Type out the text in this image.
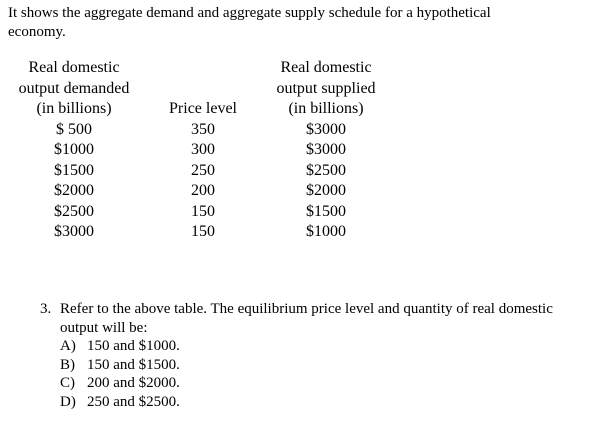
It shows the aggregate demand and aggregate supply schedule for a hypothetical economy.
Real domestic
output demanded
(in billions)
$ 500
$1000
$1500
$2000
$2500
$3000
Price level
350
300
250
200
150
150
Real domestic
output supplied
(in billions)
$3000
$3000
$2500
$2000
$1500
$1000
3. Refer to the above table. The equilibrium price level and quantity of real domestic
output will be:
A) 150 and $1000.
B) 150 and $1500.
C) 200 and $2000.
D) 250 and $2500.
